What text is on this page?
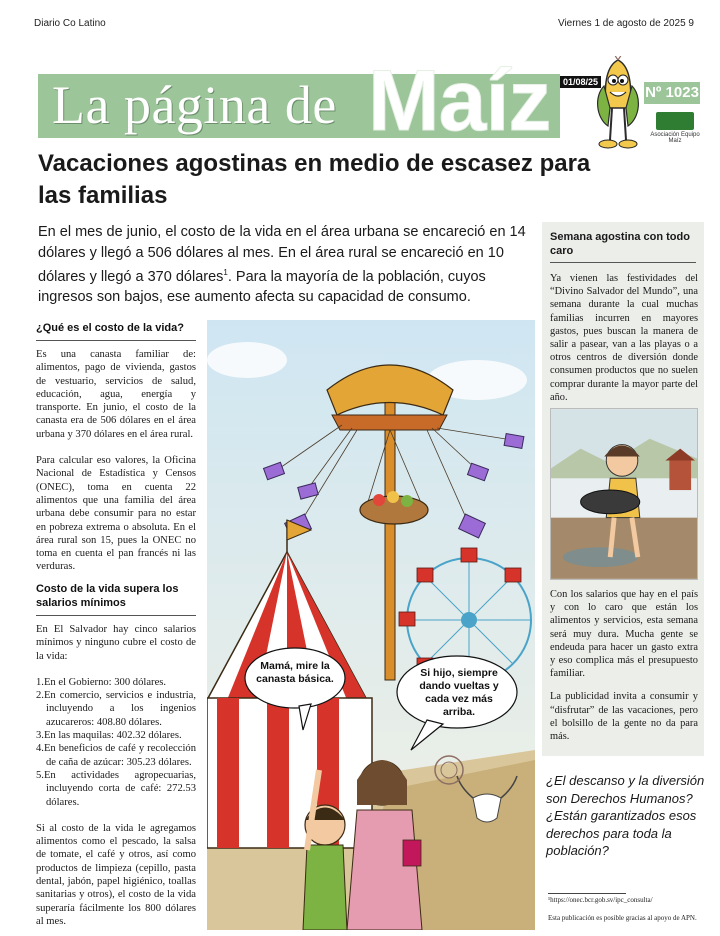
Diario Co Latino	Viernes 1 de agosto de 2025 9
La página de Maíz	01/08/25
Nº 1023
Asociación Equipo Maíz
Vacaciones agostinas en medio de escasez para las familias
En el mes de junio, el costo de la vida en el área urbana se encareció en 14 dólares y llegó a 506 dólares al mes. En el área rural se encareció en 10 dólares y llegó a 370 dólares$^1$. Para la mayoría de la población, cuyos ingresos son bajos, ese aumento afecta su capacidad de consumo.
¿Qué es el costo de la vida?

Es una canasta familiar de: alimentos, pago de vivienda, gastos de vestuario, servicios de salud, educación, agua, energía y transporte. En junio, el costo de la canasta era de 506 dólares en el área urbana y 370 dólares en el área rural.

Para calcular eso valores, la Oficina Nacional de Estadística y Censos (ONEC), toma en cuenta 22 alimentos que una familia del área urbana debe consumir para no estar en pobreza extrema o absoluta. En el área rural son 15, pues la ONEC no toma en cuenta el pan francés ni las verduras.

Costo de la vida supera los salarios mínimos

En El Salvador hay cinco salarios mínimos y ninguno cubre el costo de la vida:

1.En el Gobierno: 300 dólares.
2.En comercio, servicios e industria, incluyendo a los ingenios azucareros: 408.80 dólares.
3.En las maquilas: 402.32 dólares.
4.En beneficios de café y recolección de caña de azúcar: 305.23 dólares.
5.En actividades agropecuarias, incluyendo corta de café: 272.53 dólares.

Si al costo de la vida le agregamos alimentos como el pescado, la salsa de tomate, el café y otros, así como productos de limpieza (cepillo, pasta dental, jabón, papel higiénico, toallas sanitarias y otros), el costo de la vida superaría fácilmente los 800 dólares al mes.

Mamá, mire la canasta básica.	Si hijo, siempre dando vueltas y cada vez más arriba.
Semana agostina con todo caro
Ya vienen las festividades del “Divino Salvador del Mundo”, una semana durante la cual muchas familias incurren en mayores gastos, pues buscan la manera de salir a pasear, van a las playas o a otros centros de diversión donde consumen productos que no suelen comprar durante la mayor parte del año.

Con los salarios que hay en el país y con lo caro que están los alimentos y servicios, esta semana será muy dura. Mucha gente se endeuda para hacer un gasto extra y eso complica más el presupuesto familiar.

La publicidad invita a consumir y “disfrutar” de las vacaciones, pero el bolsillo de la gente no da para más.

¿El descanso y la diversión son Derechos Humanos? ¿Están garantizados esos derechos para toda la población?
¹https://onec.bcr.gob.sv/ipc_consulta/
Esta publicación es posible gracias al apoyo de APN.
